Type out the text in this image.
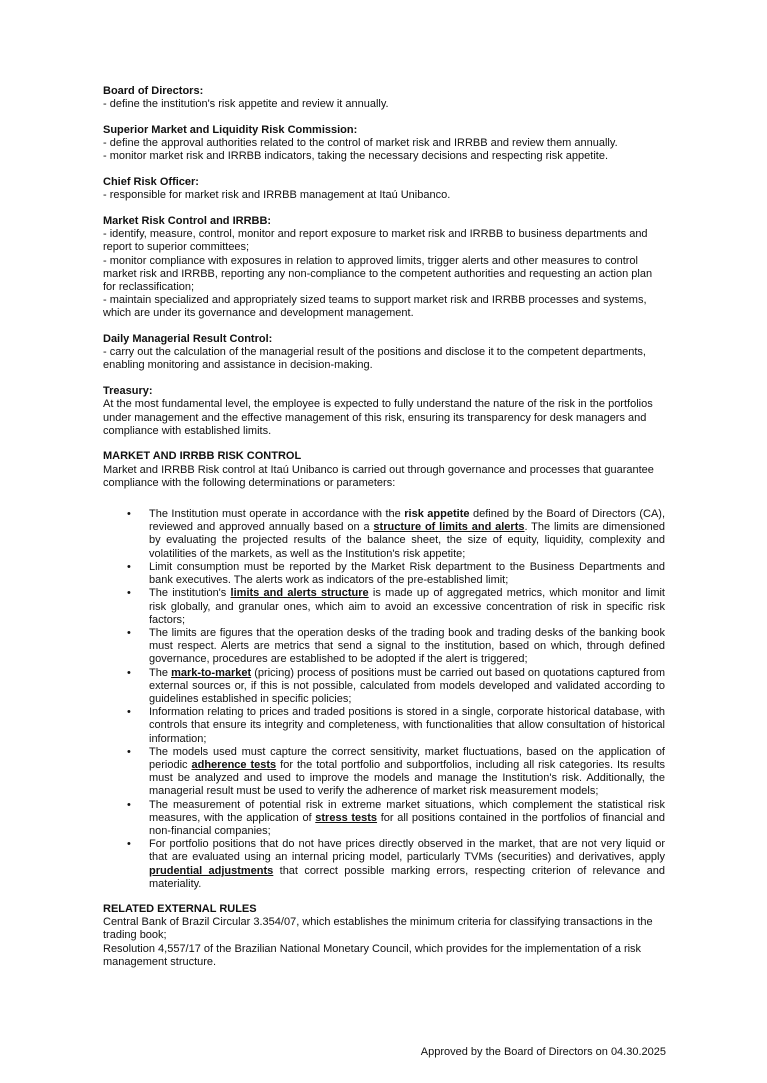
Board of Directors:
- define the institution's risk appetite and review it annually.
Superior Market and Liquidity Risk Commission:
- define the approval authorities related to the control of market risk and IRRBB and review them annually.
- monitor market risk and IRRBB indicators, taking the necessary decisions and respecting risk appetite.
Chief Risk Officer:
- responsible for market risk and IRRBB management at Itaú Unibanco.
Market Risk Control and IRRBB:
- identify, measure, control, monitor and report exposure to market risk and IRRBB to business departments and report to superior committees;
- monitor compliance with exposures in relation to approved limits, trigger alerts and other measures to control market risk and IRRBB, reporting any non-compliance to the competent authorities and requesting an action plan for reclassification;
- maintain specialized and appropriately sized teams to support market risk and IRRBB processes and systems, which are under its governance and development management.
Daily Managerial Result Control:
- carry out the calculation of the managerial result of the positions and disclose it to the competent departments, enabling monitoring and assistance in decision-making.
Treasury:
At the most fundamental level, the employee is expected to fully understand the nature of the risk in the portfolios under management and the effective management of this risk, ensuring its transparency for desk managers and compliance with established limits.
MARKET AND IRRBB RISK CONTROL
Market and IRRBB Risk control at Itaú Unibanco is carried out through governance and processes that guarantee compliance with the following determinations or parameters:
• The Institution must operate in accordance with the risk appetite defined by the Board of Directors (CA), reviewed and approved annually based on a structure of limits and alerts. The limits are dimensioned by evaluating the projected results of the balance sheet, the size of equity, liquidity, complexity and volatilities of the markets, as well as the Institution's risk appetite;
• Limit consumption must be reported by the Market Risk department to the Business Departments and bank executives. The alerts work as indicators of the pre-established limit;
• The institution's limits and alerts structure is made up of aggregated metrics, which monitor and limit risk globally, and granular ones, which aim to avoid an excessive concentration of risk in specific risk factors;
• The limits are figures that the operation desks of the trading book and trading desks of the banking book must respect. Alerts are metrics that send a signal to the institution, based on which, through defined governance, procedures are established to be adopted if the alert is triggered;
• The mark-to-market (pricing) process of positions must be carried out based on quotations captured from external sources or, if this is not possible, calculated from models developed and validated according to guidelines established in specific policies;
• Information relating to prices and traded positions is stored in a single, corporate historical database, with controls that ensure its integrity and completeness, with functionalities that allow consultation of historical information;
• The models used must capture the correct sensitivity, market fluctuations, based on the application of periodic adherence tests for the total portfolio and subportfolios, including all risk categories. Its results must be analyzed and used to improve the models and manage the Institution's risk. Additionally, the managerial result must be used to verify the adherence of market risk measurement models;
• The measurement of potential risk in extreme market situations, which complement the statistical risk measures, with the application of stress tests for all positions contained in the portfolios of financial and non-financial companies;
• For portfolio positions that do not have prices directly observed in the market, that are not very liquid or that are evaluated using an internal pricing model, particularly TVMs (securities) and derivatives, apply prudential adjustments that correct possible marking errors, respecting criterion of relevance and materiality.
RELATED EXTERNAL RULES
Central Bank of Brazil Circular 3.354/07, which establishes the minimum criteria for classifying transactions in the trading book;
Resolution 4,557/17 of the Brazilian National Monetary Council, which provides for the implementation of a risk management structure.
Approved by the Board of Directors on 04.30.2025
